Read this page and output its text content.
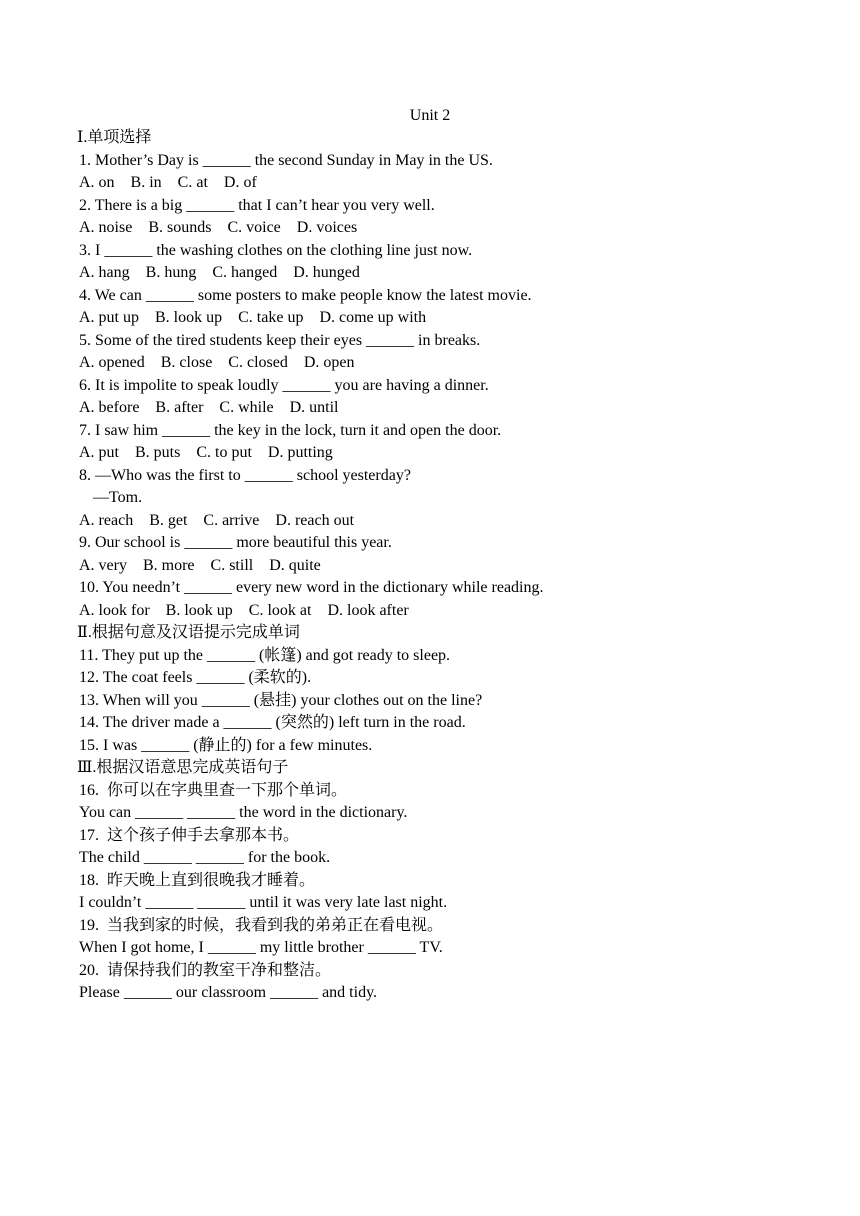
Unit 2
Ⅰ.单项选择
1. Mother’s Day is ______ the second Sunday in May in the US.
A. on    B. in    C. at    D. of
2. There is a big ______ that I can’t hear you very well.
A. noise    B. sounds    C. voice    D. voices
3. I ______ the washing clothes on the clothing line just now.
A. hang    B. hung    C. hanged    D. hunged
4. We can ______ some posters to make people know the latest movie.
A. put up    B. look up    C. take up    D. come up with
5. Some of the tired students keep their eyes ______ in breaks.
A. opened    B. close    C. closed    D. open
6. It is impolite to speak loudly ______ you are having a dinner.
A. before    B. after    C. while    D. until
7. I saw him ______ the key in the lock, turn it and open the door.
A. put    B. puts    C. to put    D. putting
8. —Who was the first to ______ school yesterday?
—Tom.
A. reach    B. get    C. arrive    D. reach out
9. Our school is ______ more beautiful this year.
A. very    B. more    C. still    D. quite
10. You needn’t ______ every new word in the dictionary while reading.
A. look for    B. look up    C. look at    D. look after
Ⅱ.根据句意及汉语提示完成单词
11. They put up the ______ (帐篷) and got ready to sleep.
12. The coat feels ______ (柔软的).
13. When will you ______ (悬挂) your clothes out on the line?
14. The driver made a ______ (突然的) left turn in the road.
15. I was ______ (静止的) for a few minutes.
Ⅲ.根据汉语意思完成英语句子
16.  你可以在字典里查一下那个单词。
You can ______ ______ the word in the dictionary.
17.  这个孩子伸手去拿那本书。
The child ______ ______ for the book.
18.  昨天晚上直到很晚我才睡着。
I couldn’t ______ ______ until it was very late last night.
19.  当我到家的时候，我看到我的弟弟正在看电视。
When I got home, I ______ my little brother ______ TV.
20.  请保持我们的教室干净和整洁。
Please ______ our classroom ______ and tidy.
